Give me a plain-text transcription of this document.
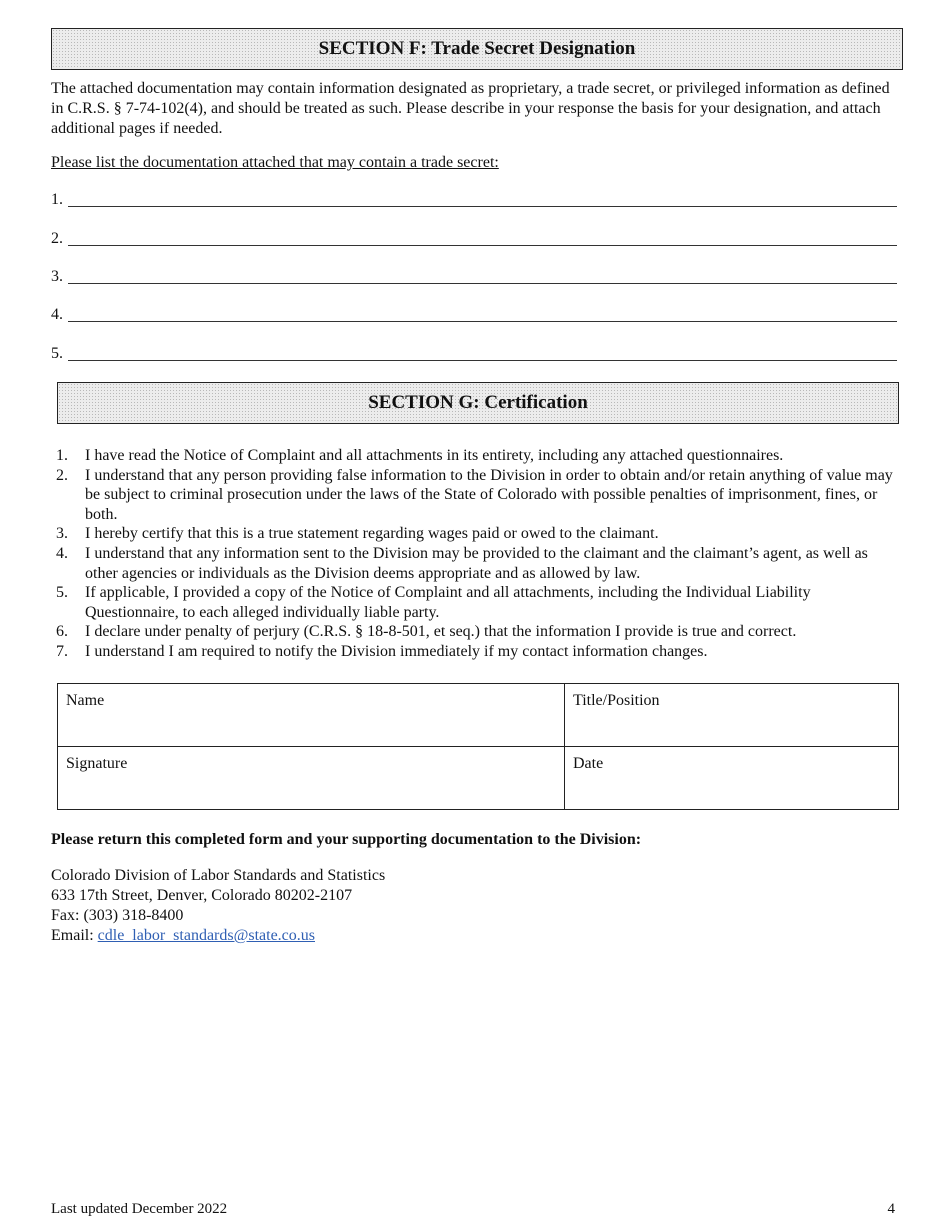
SECTION F: Trade Secret Designation
The attached documentation may contain information designated as proprietary, a trade secret, or privileged information as defined in C.R.S. § 7-74-102(4), and should be treated as such. Please describe in your response the basis for your designation, and attach additional pages if needed.
Please list the documentation attached that may contain a trade secret:
1.
2.
3.
4.
5.
SECTION G: Certification
1. I have read the Notice of Complaint and all attachments in its entirety, including any attached questionnaires.
2. I understand that any person providing false information to the Division in order to obtain and/or retain anything of value may be subject to criminal prosecution under the laws of the State of Colorado with possible penalties of imprisonment, fines, or both.
3. I hereby certify that this is a true statement regarding wages paid or owed to the claimant.
4. I understand that any information sent to the Division may be provided to the claimant and the claimant’s agent, as well as other agencies or individuals as the Division deems appropriate and as allowed by law.
5. If applicable, I provided a copy of the Notice of Complaint and all attachments, including the Individual Liability Questionnaire, to each alleged individually liable party.
6. I declare under penalty of perjury (C.R.S. § 18-8-501, et seq.) that the information I provide is true and correct.
7. I understand I am required to notify the Division immediately if my contact information changes.
Name	Title/Position
Signature	Date
Please return this completed form and your supporting documentation to the Division:
Colorado Division of Labor Standards and Statistics
633 17th Street, Denver, Colorado 80202-2107
Fax: (303) 318-8400
Email: cdle_labor_standards@state.co.us
Last updated December 2022	4
